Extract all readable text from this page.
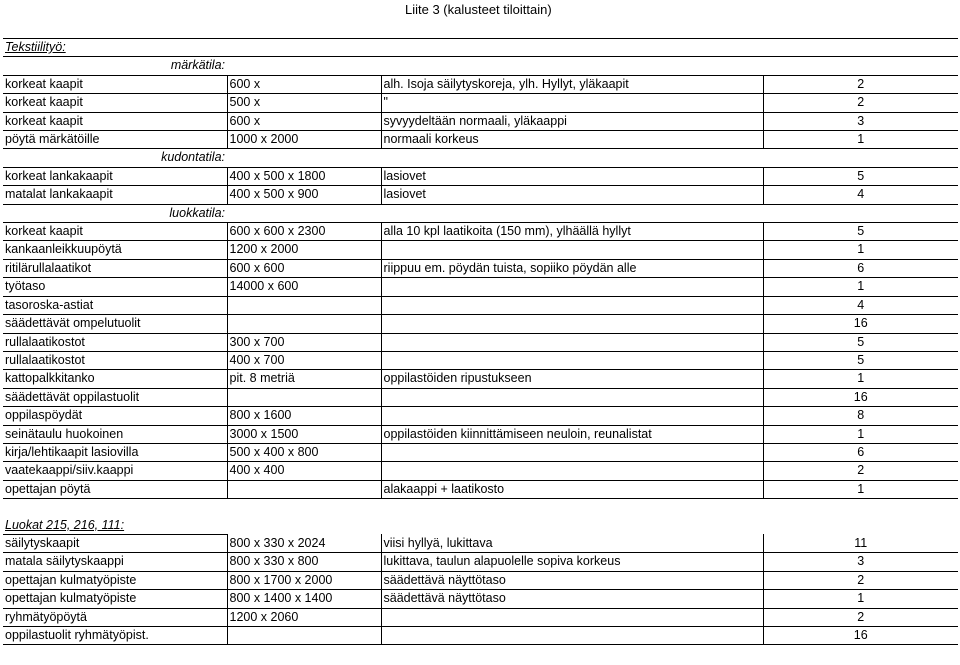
Liite 3 (kalusteet tiloittain)
Tekstiilityö:			
märkätila:			
korkeat kaapit	600 x	alh. Isoja säilytyskoreja, ylh. Hyllyt, yläkaapit	2
korkeat kaapit	500 x	"	2
korkeat kaapit	600 x	syvyydeltään normaali, yläkaappi	3
pöytä märkätöille	1000 x 2000	normaali korkeus	1
kudontatila:			
korkeat lankakaapit	400 x 500 x 1800	lasiovet	5
matalat lankakaapit	400 x 500 x 900	lasiovet	4
luokkatila:			
korkeat kaapit	600 x 600 x 2300	alla 10 kpl laatikoita (150 mm), ylhäällä hyllyt	5
kankaanleikkuupöytä	1200 x 2000		1
ritilärullalaatikot	600 x 600	riippuu em. pöydän tuista, sopiiko pöydän alle	6
työtaso	14000 x 600		1
tasoroska-astiat			4
säädettävät ompelutuolit			16
rullalaatikostot	300 x 700		5
rullalaatikostot	400 x 700		5
kattopalkkitanko	pit. 8 metriä	oppilastöiden ripustukseen	1
säädettävät oppilastuolit			16
oppilaspöydät	800 x 1600		8
seinätaulu huokoinen	3000 x 1500	oppilastöiden kiinnittämiseen neuloin, reunalistat	1
kirja/lehtikaapit lasiovilla	500 x 400 x 800		6
vaatekaappi/siiv.kaappi	400 x 400		2
opettajan pöytä		alakaappi + laatikosto	1

Luokat 215, 216, 111:			
säilytyskaapit	800 x 330 x 2024	viisi hyllyä, lukittava	11
matala säilytyskaappi	800 x 330 x 800	lukittava, taulun alapuolelle sopiva korkeus	3
opettajan kulmatyöpiste	800 x 1700 x 2000	säädettävä näyttötaso	2
opettajan kulmatyöpiste	800 x 1400 x 1400	säädettävä näyttötaso	1
ryhmätyöpöytä	1200 x 2060		2
oppilastuolit ryhmätyöpist.			16
